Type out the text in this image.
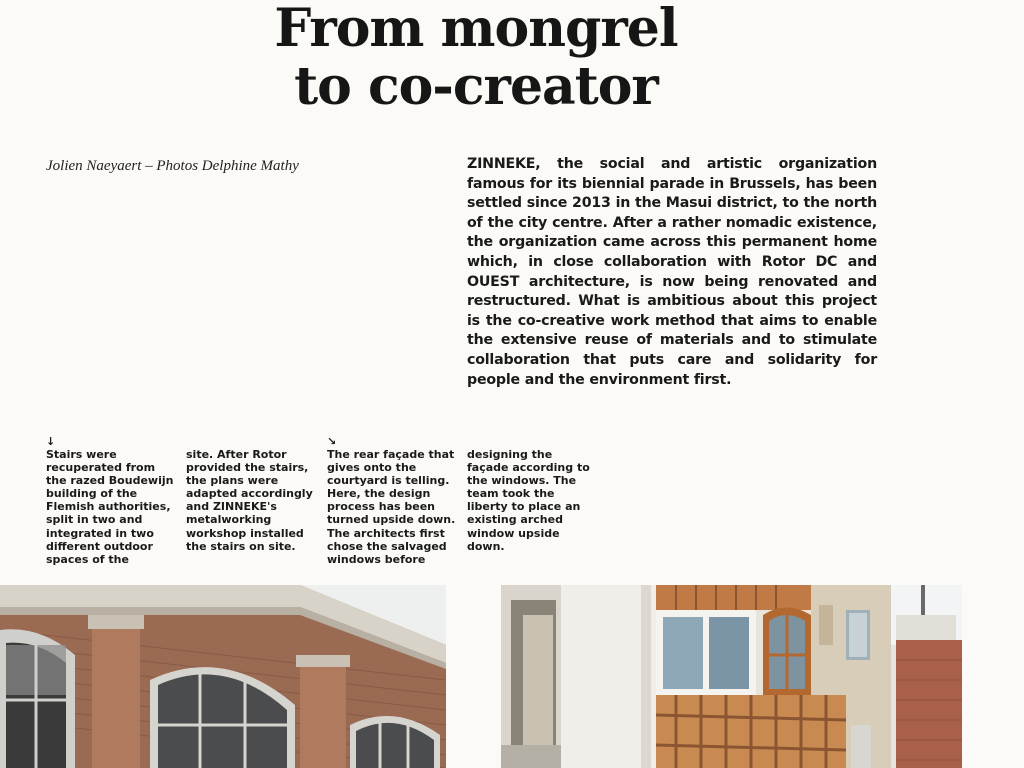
From mongrel
to co-creator
Jolien Naeyaert – Photos Delphine Mathy	ZINNEKE, the social and artistic organization famous for its biennial parade in Brussels, has been settled since 2013 in the Masui district, to the north of the city centre. After a rather nomadic existence, the organization came across this permanent home which, in close collaboration with Rotor DC and OUEST architecture, is now being renovated and restructured. What is ambitious about this project is the co-creative work method that aims to enable the extensive reuse of materials and to stimulate collaboration that puts care and solidarity for people and the environment first.

↓
Stairs were recuperated from the razed Boudewijn building of the Flemish authorities, split in two and integrated in two different outdoor spaces of the
site. After Rotor provided the stairs, the plans were adapted accordingly and ZINNEKE's metalworking workshop installed the stairs on site.
↘
The rear façade that gives onto the courtyard is telling. Here, the design process has been turned upside down. The architects first chose the salvaged windows before
designing the façade according to the windows. The team took the liberty to place an existing arched window upside down.
